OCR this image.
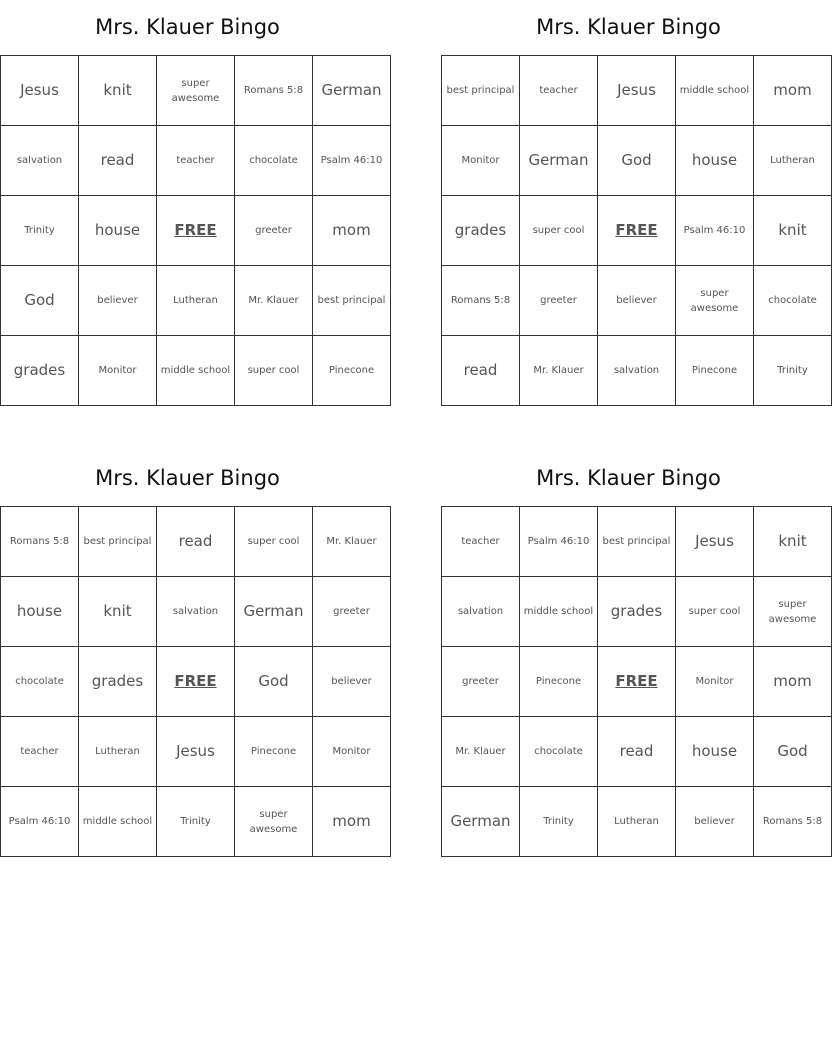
Mrs. Klauer Bingo
Jesus	knit	super awesome	Romans 5:8	German
salvation	read	teacher	chocolate	Psalm 46:10
Trinity	house	FREE	greeter	mom
God	believer	Lutheran	Mr. Klauer	best principal
grades	Monitor	middle school	super cool	Pinecone
Mrs. Klauer Bingo
best principal	teacher	Jesus	middle school	mom
Monitor	German	God	house	Lutheran
grades	super cool	FREE	Psalm 46:10	knit
Romans 5:8	greeter	believer	super awesome	chocolate
read	Mr. Klauer	salvation	Pinecone	Trinity
Mrs. Klauer Bingo
Romans 5:8	best principal	read	super cool	Mr. Klauer
house	knit	salvation	German	greeter
chocolate	grades	FREE	God	believer
teacher	Lutheran	Jesus	Pinecone	Monitor
Psalm 46:10	middle school	Trinity	super awesome	mom
Mrs. Klauer Bingo
teacher	Psalm 46:10	best principal	Jesus	knit
salvation	middle school	grades	super cool	super awesome
greeter	Pinecone	FREE	Monitor	mom
Mr. Klauer	chocolate	read	house	God
German	Trinity	Lutheran	believer	Romans 5:8
